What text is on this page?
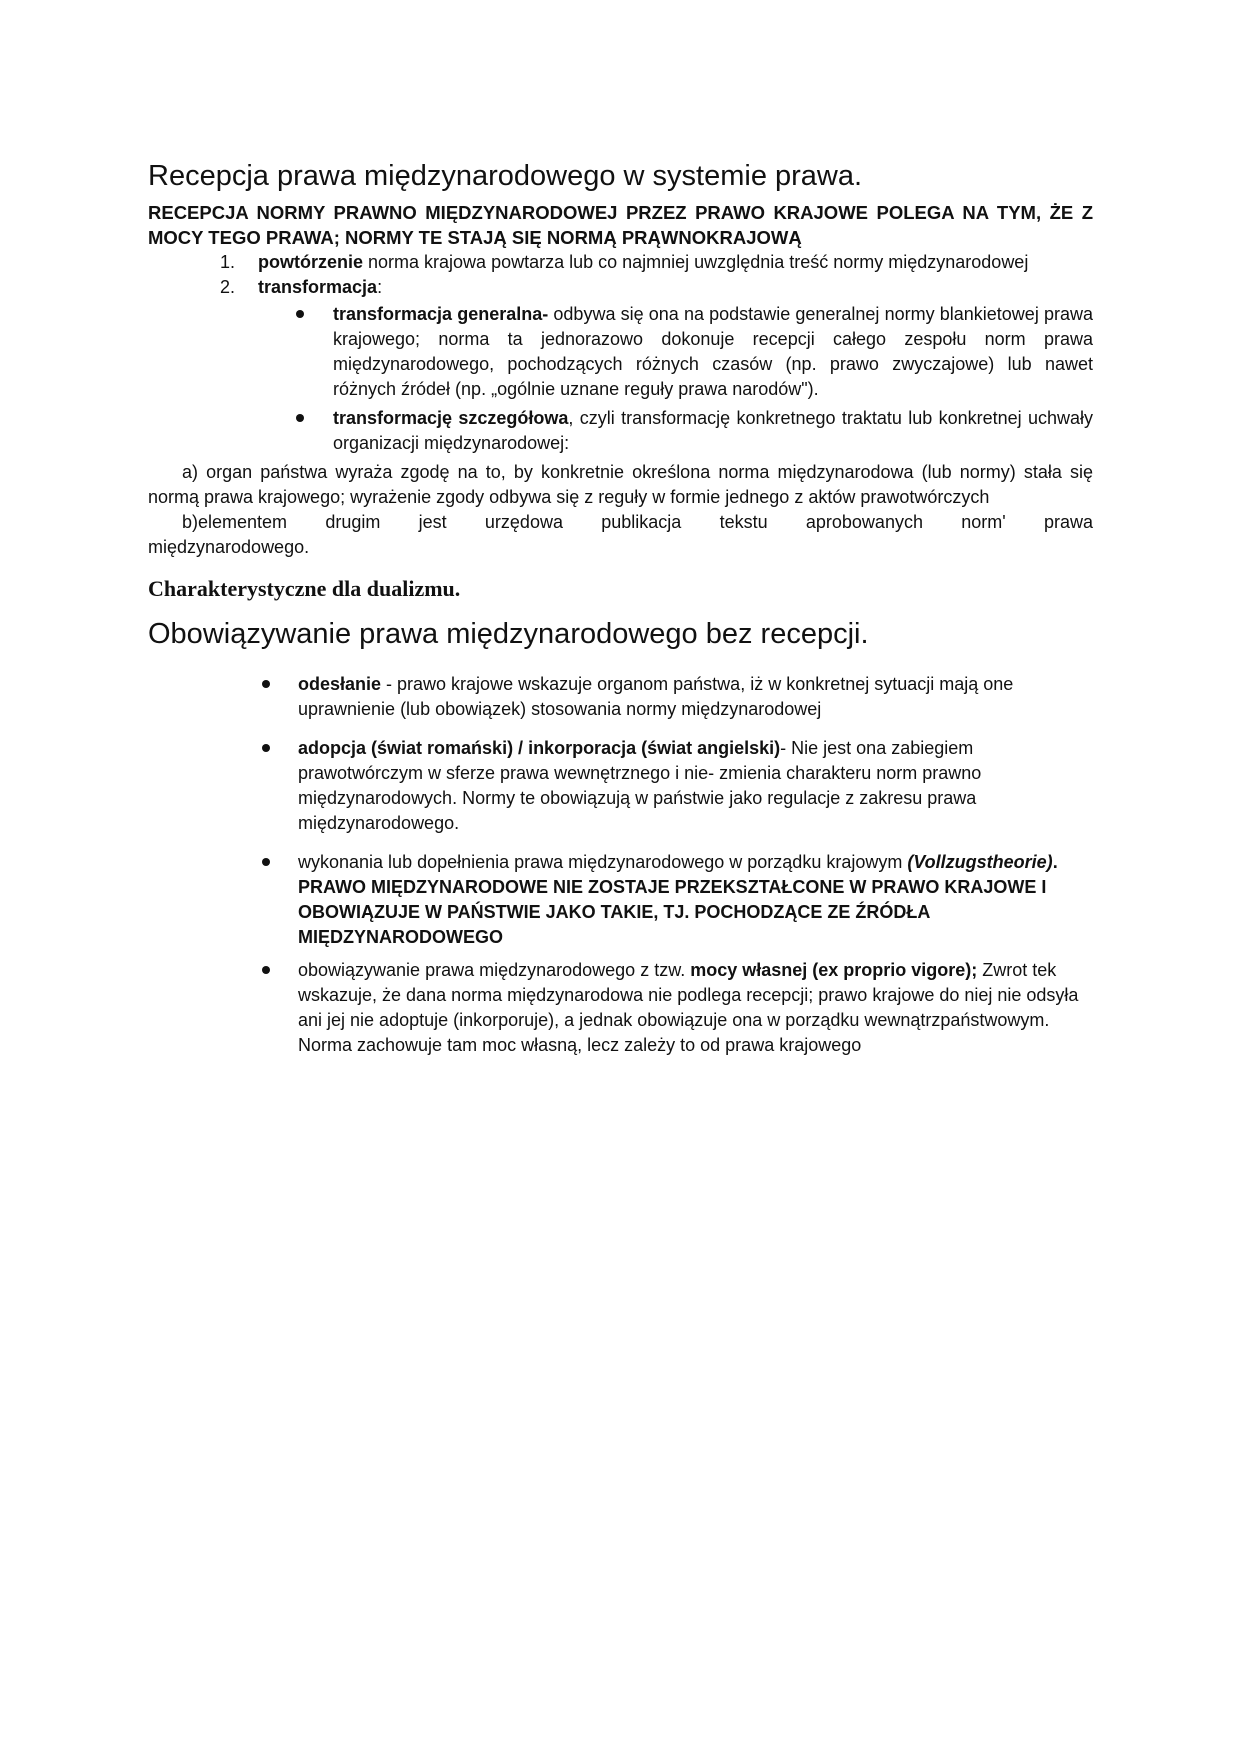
Recepcja prawa międzynarodowego w systemie prawa.

RECEPCJA NORMY PRAWNO MIĘDZYNARODOWEJ PRZEZ PRAWO KRAJOWE POLEGA NA TYM, ŻE Z MOCY TEGO PRAWA; NORMY TE STAJĄ SIĘ NORMĄ PRĄWNOKRAJOWĄ

1. powtórzenie norma krajowa powtarza lub co najmniej uwzględnia treść normy międzynarodowej
2. transformacja:
transformacja generalna- odbywa się ona na podstawie generalnej normy blankietowej prawa krajowego; norma ta jednorazowo dokonuje recepcji całego zespołu norm prawa międzynarodowego, pochodzących różnych czasów (np. prawo zwyczajowe) lub nawet różnych źródeł (np. „ogólnie uznane reguły prawa narodów").
transformację szczegółowa, czyli transformację konkretnego traktatu lub konkretnej uchwały organizacji międzynarodowej:

a) organ państwa wyraża zgodę na to, by konkretnie określona norma międzynarodowa (lub normy) stała się normą prawa krajowego; wyrażenie zgody odbywa się z reguły w formie jednego z aktów prawotwórczych

b)elementem drugim jest urzędowa publikacja tekstu aprobowanych norm' prawa

międzynarodowego.

Charakterystyczne dla dualizmu.

Obowiązywanie prawa międzynarodowego bez recepcji.
odesłanie - prawo krajowe wskazuje organom państwa, iż w konkretnej sytuacji mają one uprawnienie (lub obowiązek) stosowania normy międzynarodowej
adopcja (świat romański) / inkorporacja (świat angielski)- Nie jest ona zabiegiem prawotwórczym w sferze prawa wewnętrznego i nie- zmienia charakteru norm prawno międzynarodowych. Normy te obowiązują w państwie jako regulacje z zakresu prawa międzynarodowego.
wykonania lub dopełnienia prawa międzynarodowego w porządku krajowym (Vollzugstheorie). PRAWO MIĘDZYNARODOWE NIE ZOSTAJE PRZEKSZTAŁCONE W PRAWO KRAJOWE I OBOWIĄZUJE W PAŃSTWIE JAKO TAKIE, TJ. POCHODZĄCE ZE ŹRÓDŁA MIĘDZYNARODOWEGO
obowiązywanie prawa międzynarodowego z tzw. mocy własnej (ex proprio vigore); Zwrot tek wskazuje, że dana norma międzynarodowa nie podlega recepcji; prawo krajowe do niej nie odsyła ani jej nie adoptuje (inkorporuje), a jednak obowiązuje ona w porządku wewnątrzpaństwowym. Norma zachowuje tam moc własną, lecz zależy to od prawa krajowego
